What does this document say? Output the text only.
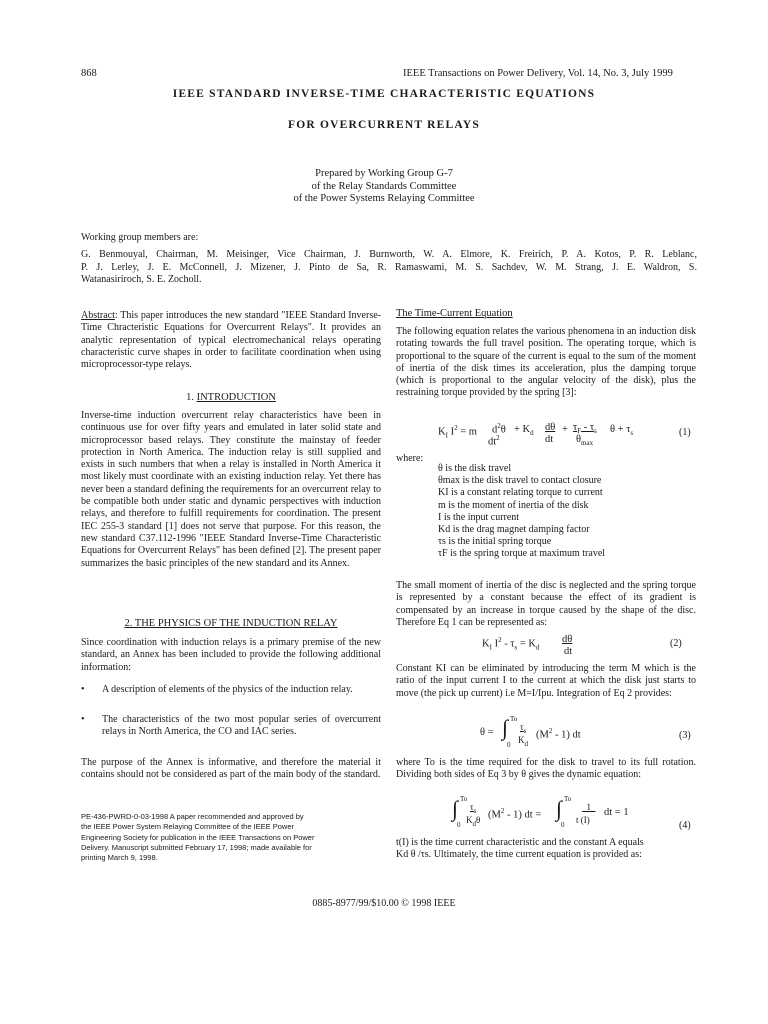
868	IEEE Transactions on Power Delivery, Vol. 14, No. 3, July 1999
IEEE STANDARD INVERSE-TIME CHARACTERISTIC EQUATIONS
FOR OVERCURRENT RELAYS
Prepared by Working Group G-7
of the Relay Standards Committee
of the Power Systems Relaying Committee
Working group members are:
G. Benmouyal, Chairman, M. Meisinger, Vice Chairman, J. Burnworth, W. A. Elmore, K. Freirich, P. A. Kotos, P. R. Leblanc,
P. J. Lerley, J. E. McConnell, J. Mizener, J. Pinto de Sa, R. Ramaswami, M. S. Sachdev, W. M. Strang, J. E. Waldron, S.
Watanasiriroch, S. E. Zocholl.
Abstract: This paper introduces the new standard "IEEE Standard Inverse-Time Chracteristic Equations for Overcurrent Relays". It provides an analytic representation of typical electromechanical relays operating characteristic curve shapes in order to facilitate coordination when using microprocessor-type relays.
1. INTRODUCTION
Inverse-time induction overcurrent relay characteristics have been in continuous use for over fifty years and emulated in later solid state and microprocessor based relays. They constitute the mainstay of feeder protection in North America. The induction relay is still supplied and exists in such numbers that when a relay is installed in North America it most likely must coordinate with an existing induction relay. Yet there has never been a standard defining the requirements for an overcurrent relay to be compatible both under static and dynamic perspectives with induction relays, and therefore to fulfill requirements for coordination. The present IEC 255-3 standard [1] does not serve that purpose. For this reason, the new standard C37.112-1996 "IEEE Standard Inverse-Time Characteristic Equations for Overcurrent Relays" has been defined [2]. The present paper summarizes the basic principles of the new standard and its Annex.
2. THE PHYSICS OF THE INDUCTION RELAY
Since coordination with induction relays is a primary premise of the new standard, an Annex has been included to provide the following additional information:
• A description of elements of the physics of the induction relay.
• The characteristics of the two most popular series of overcurrent relays in North America, the CO and IAC series.
The purpose of the Annex is informative, and therefore the material it contains should not be considered as part of the main body of the standard.
PE-436-PWRD-0-03-1998 A paper recommended and approved by
the IEEE Power System Relaying Committee of the IEEE Power
Engineering Society for publication in the IEEE Transactions on Power
Delivery. Manuscript submitted February 17, 1998; made available for
printing March 9, 1998.
The Time-Current Equation
The following equation relates the various phenomena in an induction disk rotating towards the full travel position. The operating torque, which is proportional to the square of the current is equal to the sum of the moment of inertia of the disk times its acceleration, plus the damping torque (which is proportional to the angular velocity of the disk), plus the restraining torque provided by the spring [3]:
$K_I$ $I^2 = m$ $d^2\theta$
$dt^2$
+ $K_d$
dθ
dt
+ $\tau_F - \tau_s$
$\theta_{max}$
$\theta + \tau_s$	(1)
where:
θ is the disk travel
θmax is the disk travel to contact closure
KI is a constant relating torque to current
m is the moment of inertia of the disk
I is the input current
Kd is the drag magnet damping factor
τs is the initial spring torque
τF is the spring torque at maximum travel
The small moment of inertia of the disc is neglected and the spring torque is represented by a constant because the effect of its gradient is compensated by an increase in torque caused by the shape of the disc. Therefore Eq 1 can be represented as:
$K_I$ $I^2 - \tau_s = K_d$
dθ
dt
(2)
Constant KI can be eliminated by introducing the term M which is the ratio of the input current I to the current at which the disk just starts to move (the pick up current) i.e M=I/Ipu. Integration of Eq 2 provides:
θ = ∫ To
0
$\tau_s$
$K_d$
$(M^2 - 1)$ dt	(3)
where To is the time required for the disk to travel to its full rotation. Dividing both sides of Eq 3 by θ gives the dynamic equation:
∫ To
0
$\tau_s$
$K_d\theta$ $(M^2 - 1)$ dt = ∫ To
0
1
t (I)
dt = 1
(4)
t(I) is the time current characteristic and the constant A equals
Kd θ /τs. Ultimately, the time current equation is provided as:
0885-8977/99/$10.00 © 1998 IEEE
